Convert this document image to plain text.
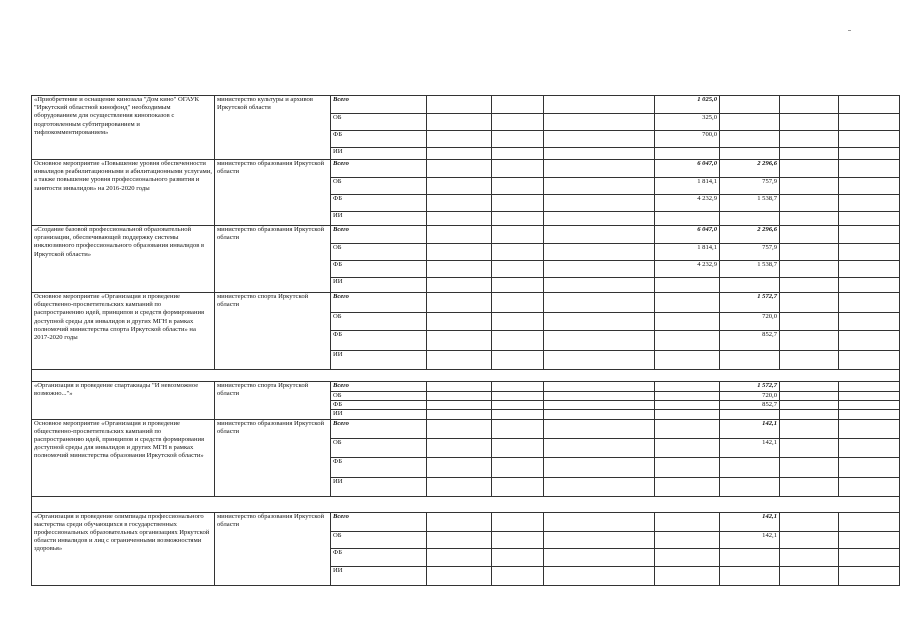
«Приобретение и оснащение кинозала "Дом кино" ОГАУК "Иркутский областной кинофонд" необходимым оборудованием для осуществления кинопоказов с подготовленным субтитрированием и тифлокомментированием»	министерство культуры и архивов Иркутской области	Всего				1 025,0				
		ОБ				325,0				
		ФБ				700,0				
		ИИ								
Основное мероприятие «Повышение уровня обеспеченности инвалидов реабилитационными и абилитационными услугами, а также повышение уровня профессионального развития и занятости инвалидов» на 2016-2020 годы	министерство образования Иркутской области	Всего				6 047,0	2 296,6			
		ОБ				1 814,1	757,9			
		ФБ				4 232,9	1 538,7			
		ИИ								
«Создание базовой профессиональной образовательной организации, обеспечивающей поддержку системы инклюзивного профессионального образования инвалидов в Иркутской области»	министерство образования Иркутской области	Всего				6 047,0	2 296,6			
		ОБ				1 814,1	757,9			
		ФБ				4 232,9	1 538,7			
		ИИ								
Основное мероприятие «Организация и проведение общественно-просветительских кампаний по распространению идей, принципов и средств формирования доступной среды для инвалидов и других МГН в рамках полномочий министерства спорта Иркутской области» на 2017-2020 годы	министерство спорта Иркутской области	Всего					1 572,7			
		ОБ					720,0			
		ФБ					852,7			
		ИИ								

«Организация и проведение спартакиады "И невозможное возможно..."»	министерство спорта Иркутской области	Всего					1 572,7			
		ОБ					720,0			
		ФБ					852,7			
		ИИ								
Основное мероприятие «Организация и проведение общественно-просветительских кампаний по распространению идей, принципов и средств формирования доступной среды для инвалидов и других МГН в рамках полномочий министерства образования Иркутской области»	министерство образования Иркутской области	Всего					142,1			
		ОБ					142,1			
		ФБ								
		ИИ								

«Организация и проведение олимпиады профессионального мастерства среди обучающихся в государственных профессиональных образовательных организациях Иркутской области инвалидов и лиц с ограниченными возможностями здоровья»	министерство образования Иркутской области	Всего					142,1			
		ОБ					142,1			
		ФБ								
		ИИ								
